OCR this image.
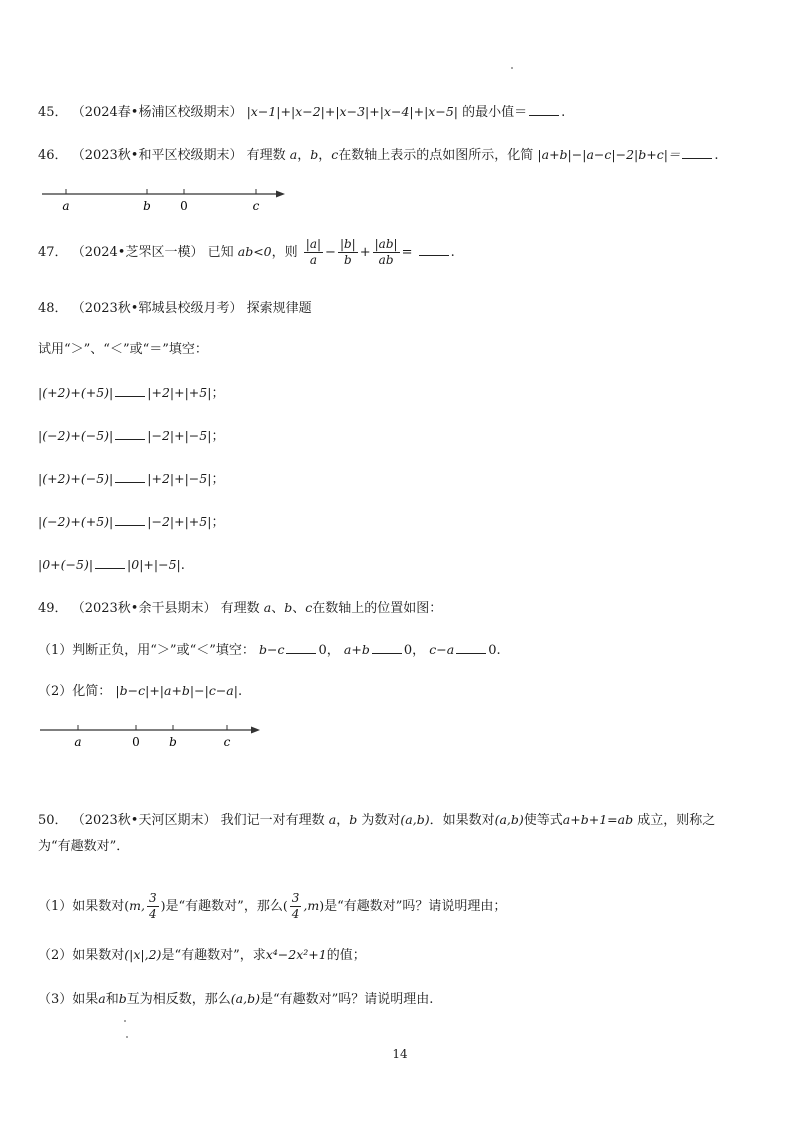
45． （2024春•杨浦区校级期末） |x−1|+|x−2|+|x−3|+|x−4|+|x−5| 的最小值＝	.
46． （2023秋•和平区校级期末） 有理数 a，b，c在数轴上表示的点如图所示，化简 |a+b|−|a−c|−2|b+c|＝	.
a	b 0	c
47． （2024•芝罘区一模） 已知 ab<0，则 $\frac{|a|}{a} - \frac{|b|}{b} + \frac{|ab|}{ab}$ =	.
48． （2023秋•郓城县校级月考） 探索规律题
试用“＞”、“＜”或“＝”填空：
|(+2)+(+5)|	|+2|+|+5|；
|(−2)+(−5)|	|−2|+|−5|；
|(+2)+(−5)|	|+2|+|−5|；
|(−2)+(+5)|	|−2|+|+5|；
|0+(−5)|	|0|+|−5|.
49． （2023秋•余干县期末） 有理数 a、b、c在数轴上的位置如图：
（1）判断正负，用“＞”或“＜”填空： b−c	0， a+b	0， c−a	0.
（2）化简： |b−c|+|a+b|−|c−a|.
a	0 b	c
50． （2023秋•天河区期末） 我们记一对有理数 a，b 为数对(a,b)．如果数对(a,b)使等式a+b+1=ab 成立，则称之
为“有趣数对”．
（1）如果数对(m, $\frac{3}{4}$ )是“有趣数对”，那么( $\frac{3}{4} ,m$)是“有趣数对”吗？请说明理由；
（2）如果数对(|x|,2)是“有趣数对”，求x⁴−2x²+1的值；
（3）如果a和b互为相反数，那么(a,b)是“有趣数对”吗？请说明理由.
14
